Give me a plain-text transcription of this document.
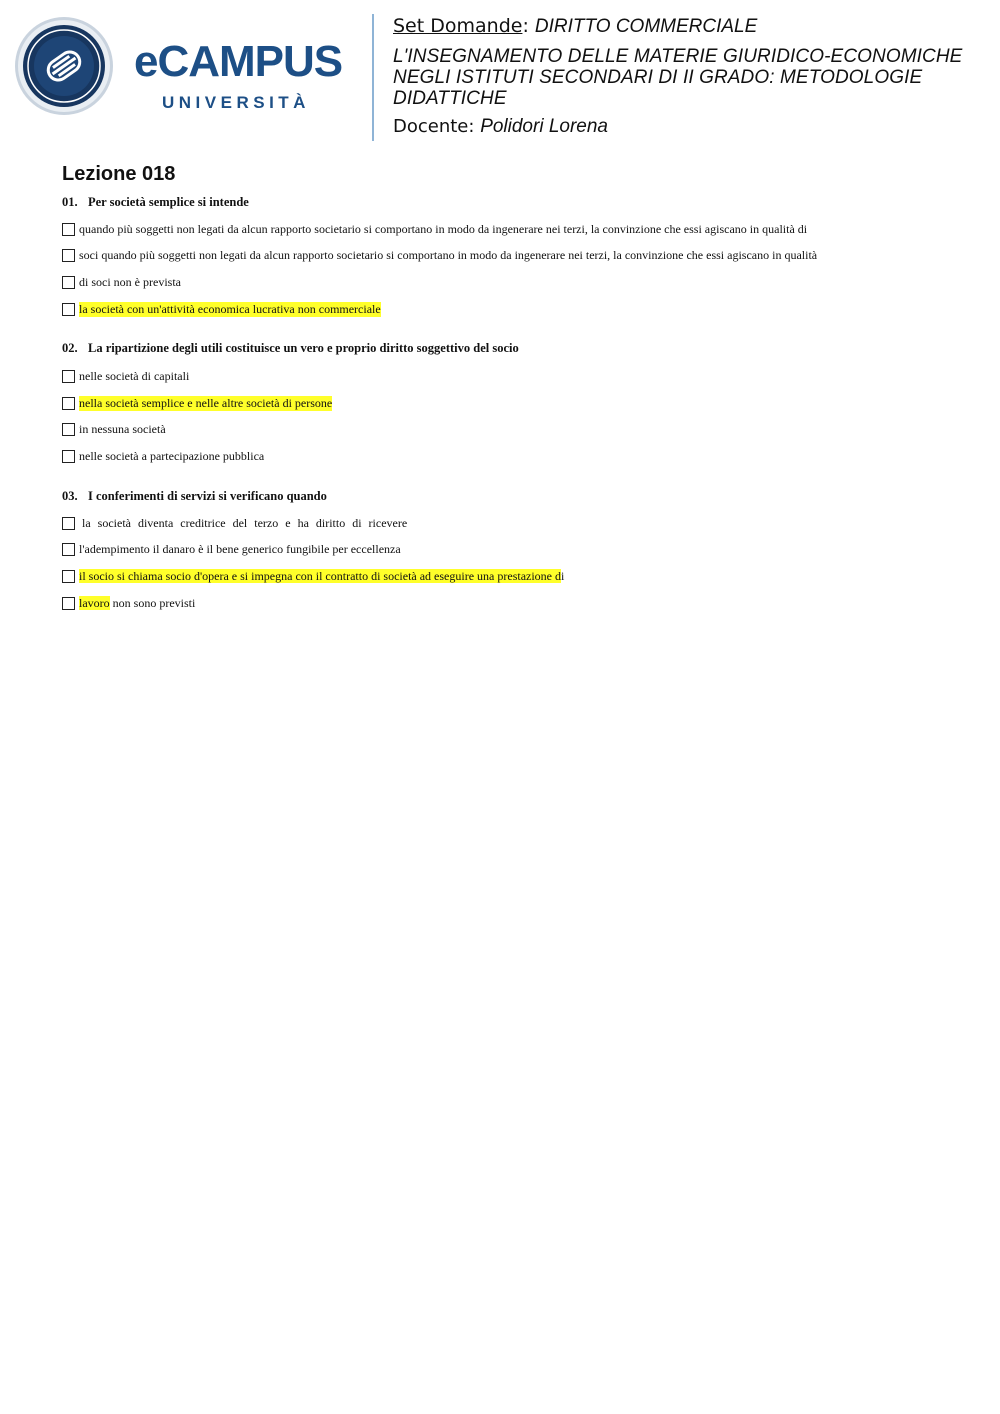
eCAMPUS
UNIVERSITÀ
Set Domande: DIRITTO COMMERCIALE
L'INSEGNAMENTO DELLE MATERIE GIURIDICO-ECONOMICHE NEGLI ISTITUTI SECONDARI DI II GRADO: METODOLOGIE DIDATTICHE
Docente: Polidori Lorena
Lezione 018
01. Per società semplice si intende
quando più soggetti non legati da alcun rapporto societario si comportano in modo da ingenerare nei terzi, la convinzione che essi agiscano in qualità di
soci quando più soggetti non legati da alcun rapporto societario si comportano in modo da ingenerare nei terzi, la convinzione che essi agiscano in qualità
di soci non è prevista
la società con un'attività economica lucrativa non commerciale
02. La ripartizione degli utili costituisce un vero e proprio diritto soggettivo del socio
nelle società di capitali
nella società semplice e nelle altre società di persone
in nessuna società
nelle società a partecipazione pubblica
03. I conferimenti di servizi si verificano quando
la società diventa creditrice del terzo e ha diritto di ricevere
l'adempimento il danaro è il bene generico fungibile per eccellenza
il socio si chiama socio d'opera e si impegna con il contratto di società ad eseguire una prestazione di
lavoro non sono previsti
